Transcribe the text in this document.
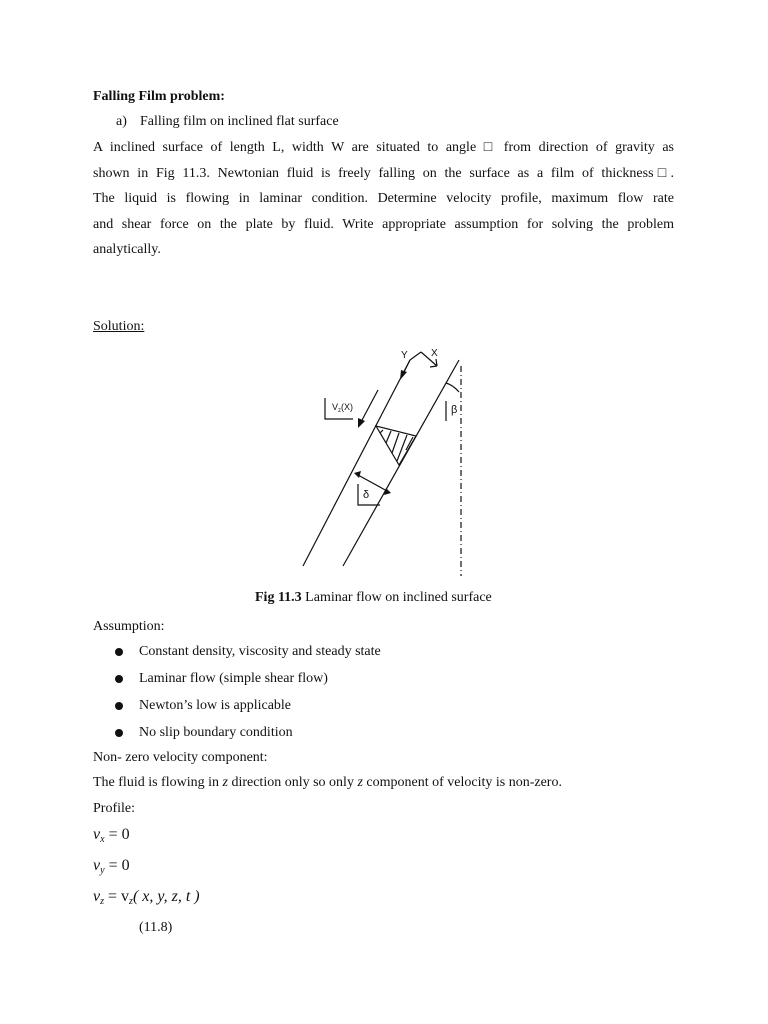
Falling Film problem:
a) Falling film on inclined flat surface
A inclined surface of length L, width W are situated to angle □ from direction of gravity as
shown in Fig 11.3. Newtonian fluid is freely falling on the surface as a film of thickness□.
The liquid is flowing in laminar condition. Determine velocity profile, maximum flow rate
and shear force on the plate by fluid. Write appropriate assumption for solving the problem
analytically.
Solution:
Y X
$V_z(X)$	β
δ
Fig 11.3 Laminar flow on inclined surface
Assumption:
Constant density, viscosity and steady state
Laminar flow (simple shear flow)
Newton’s low is applicable
No slip boundary condition
Non- zero velocity component:
The fluid is flowing in z direction only so only z component of velocity is non-zero.
Profile:
$v_x = 0$
$v_y = 0$
$v_z = v_z$( x, y, z, t )
(11.8)
